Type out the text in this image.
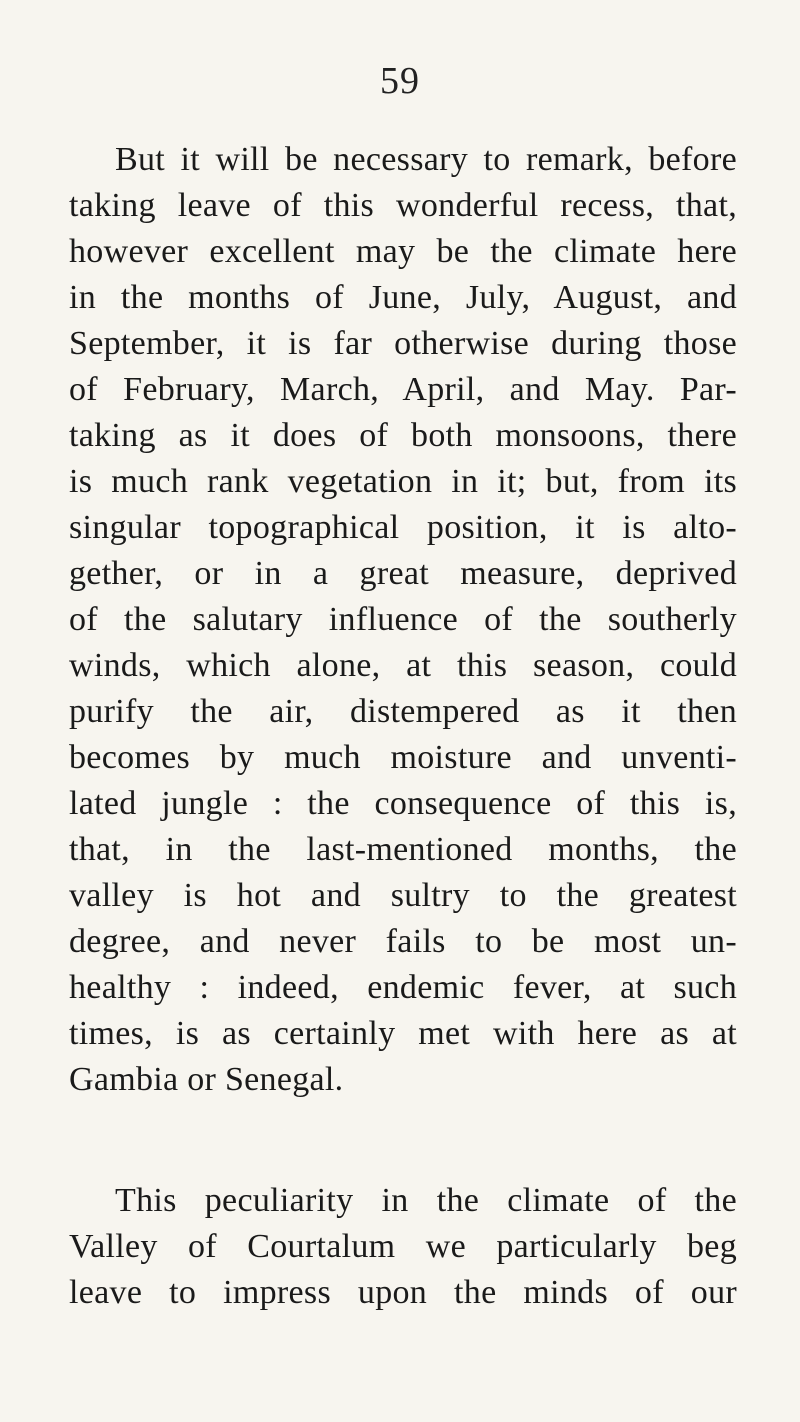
59
But it will be necessary to remark, before
taking leave of this wonderful recess, that,
however excellent may be the climate here
in the months of June, July, August, and
September, it is far otherwise during those
of February, March, April, and May. Par-
taking as it does of both monsoons, there
is much rank vegetation in it; but, from its
singular topographical position, it is alto-
gether, or in a great measure, deprived
of the salutary influence of the southerly
winds, which alone, at this season, could
purify the air, distempered as it then
becomes by much moisture and unventi-
lated jungle : the consequence of this is,
that, in the last-mentioned months, the
valley is hot and sultry to the greatest
degree, and never fails to be most un-
healthy : indeed, endemic fever, at such
times, is as certainly met with here as at
Gambia or Senegal.
This peculiarity in the climate of the
Valley of Courtalum we particularly beg
leave to impress upon the minds of our
